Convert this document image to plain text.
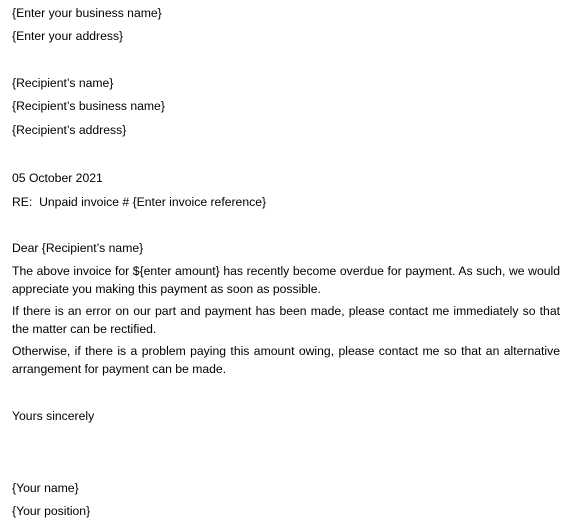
{Enter your business name}
{Enter your address}
{Recipient’s name}
{Recipient’s business name}
{Recipient’s address}
05 October 2021
RE:  Unpaid invoice # {Enter invoice reference}
Dear {Recipient’s name}
The above invoice for ${enter amount} has recently become overdue for payment. As such, we would appreciate you making this payment as soon as possible.
If there is an error on our part and payment has been made, please contact me immediately so that the matter can be rectified.
Otherwise, if there is a problem paying this amount owing, please contact me so that an alternative arrangement for payment can be made.
Yours sincerely
{Your name}
{Your position}
